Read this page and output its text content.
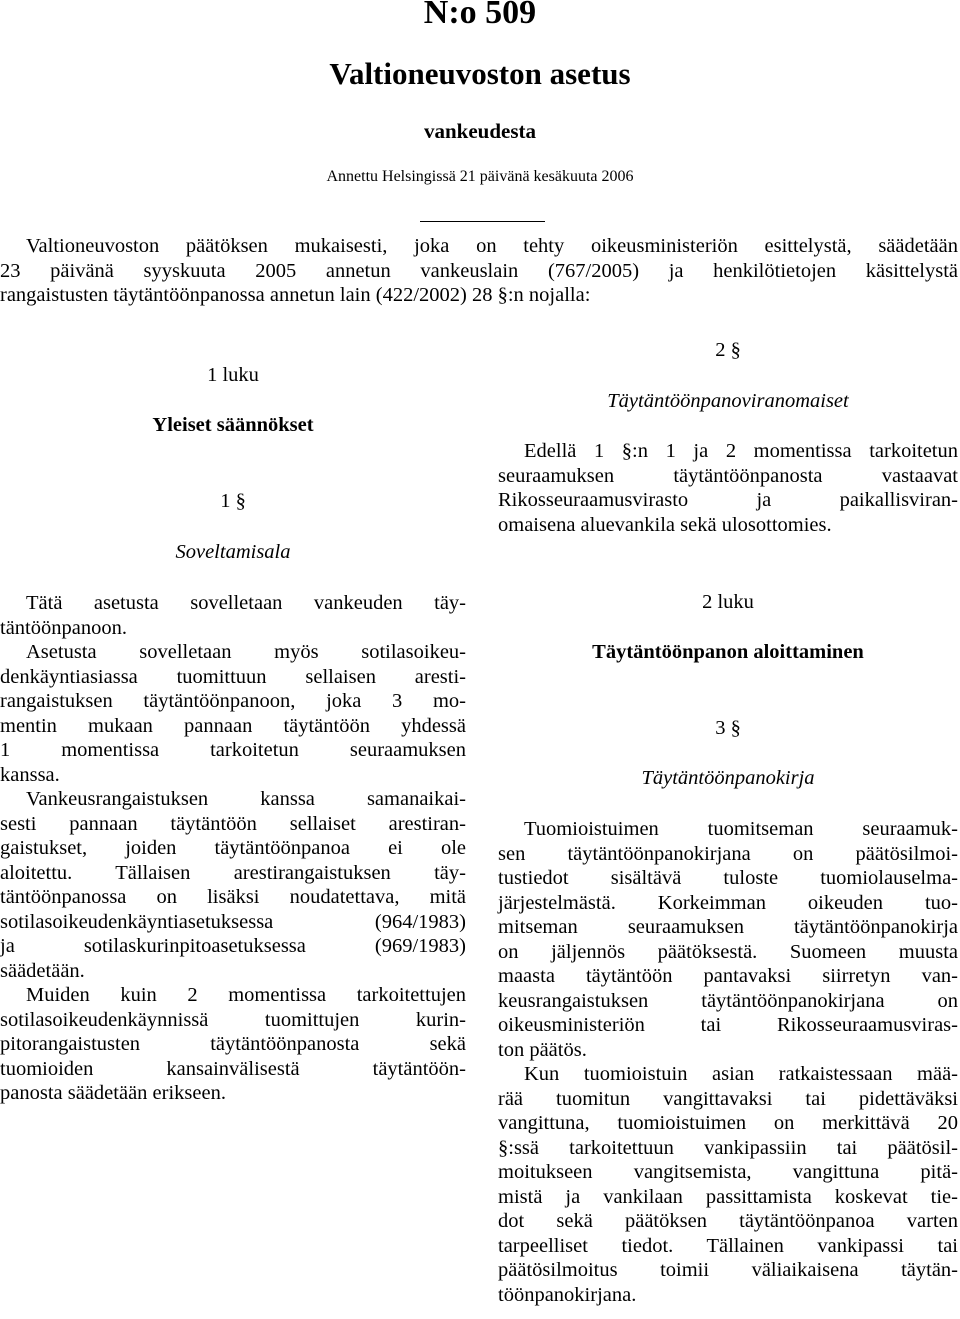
N:o 509
Valtioneuvoston asetus
vankeudesta
Annettu Helsingissä 21 päivänä kesäkuuta 2006
Valtioneuvoston päätöksen mukaisesti, joka on tehty oikeusministeriön esittelystä, säädetään
23 päivänä syyskuuta 2005 annetun vankeuslain (767/2005) ja henkilötietojen käsittelystä
rangaistusten täytäntöönpanossa annetun lain (422/2002) 28 §:n nojalla:
1 luku
Yleiset säännökset
1 §
Soveltamisala

Tätä asetusta sovelletaan vankeuden täy-
täntöönpanoon.

Asetusta sovelletaan myös sotilasoikeu-
denkäyntiasiassa tuomittuun sellaisen aresti-
rangaistuksen täytäntöönpanoon, joka 3 mo-
mentin mukaan pannaan täytäntöön yhdessä
1 momentissa tarkoitetun seuraamuksen
kanssa.

Vankeusrangaistuksen kanssa samanaikai-
sesti pannaan täytäntöön sellaiset arestiran-
gaistukset, joiden täytäntöönpanoa ei ole
aloitettu. Tällaisen arestirangaistuksen täy-
täntöönpanossa on lisäksi noudatettava, mitä
sotilasoikeudenkäyntiasetuksessa (964/1983)
ja sotilaskurinpitoasetuksessa (969/1983)
säädetään.

Muiden kuin 2 momentissa tarkoitettujen
sotilasoikeudenkäynnissä tuomittujen kurin-
pitorangaistusten täytäntöönpanosta sekä
tuomioiden kansainvälisestä täytäntöön-
panosta säädetään erikseen.

2 §
Täytäntöönpanoviranomaiset

Edellä 1 §:n 1 ja 2 momentissa tarkoitetun
seuraamuksen täytäntöönpanosta vastaavat
Rikosseuraamusvirasto ja paikallisviran-
omaisena aluevankila sekä ulosottomies.

2 luku
Täytäntöönpanon aloittaminen
3 §
Täytäntöönpanokirja

Tuomioistuimen tuomitseman seuraamuk-
sen täytäntöönpanokirjana on päätösilmoi-
tustiedot sisältävä tuloste tuomiolauselma-
järjestelmästä. Korkeimman oikeuden tuo-
mitseman seuraamuksen täytäntöönpanokirja
on jäljennös päätöksestä. Suomeen muusta
maasta täytäntöön pantavaksi siirretyn van-
keusrangaistuksen täytäntöönpanokirjana on
oikeusministeriön tai Rikosseuraamusviras-
ton päätös.

Kun tuomioistuin asian ratkaistessaan mää-
rää tuomitun vangittavaksi tai pidettäväksi
vangittuna, tuomioistuimen on merkittävä 20
§:ssä tarkoitettuun vankipassiin tai päätösil-
moitukseen vangitsemista, vangittuna pitä-
mistä ja vankilaan passittamista koskevat tie-
dot sekä päätöksen täytäntöönpanoa varten
tarpeelliset tiedot. Tällainen vankipassi tai
päätösilmoitus toimii väliaikaisena täytän-
töönpanokirjana.
